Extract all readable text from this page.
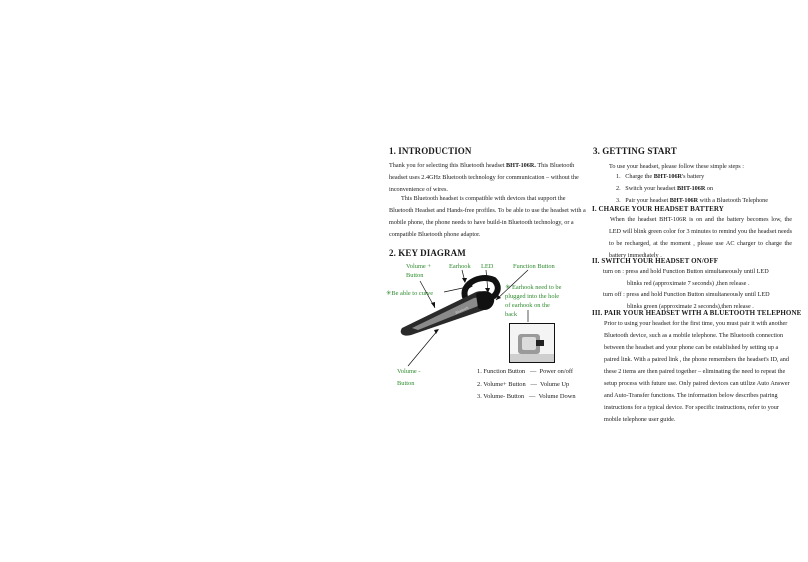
1. INTRODUCTION
Thank you for selecting this Bluetooth headset BHT-106R. This Bluetooth headset uses 2.4GHz Bluetooth technology for communication – without the inconvenience of wires.
This Bluetooth headset is compatible with devices that support the Bluetooth Headset and Hands-free profiles. To be able to use the headset with a mobile phone, the phone needs to have build-in Bluetooth technology, or a compatible Bluetooth phone adaptor.
2. KEY DIAGRAM
Volume +
Button
Earhook LED	Function Button
✳Be able to curve
✳ Earhook need to be
plugged into the hole
of earhook on the
back
Volume -
Button
Bluetooth
1. Function Button — Power on/off
2. Volume+ Button — Volume Up
3. Volume- Button — Volume Down
3. GETTING START
To use your headset, please follow these simple steps :
1. Charge the BHT-106R's battery
2. Switch your headset BHT-106R on
3. Pair your headset BHT-106R with a Bluetooth Telephone
I. CHARGE YOUR HEADSET BATTERY
When the headset BHT-106R is on and the battery becomes low, the LED will blink green color for 3 minutes to remind you the headset needs to be recharged, at the moment , please use AC charger to charge the battery immediately .
II. SWITCH YOUR HEADSET ON/OFF
turn on : press and hold Function Button simultaneously until LED
blinks red (approximate 7 seconds) ,then release .
turn off : press and hold Function Button simultaneously until LED
blinks green (approximate 2 seconds),then release .
III. PAIR YOUR HEADSET WITH A BLUETOOTH TELEPHONE
Prior to using your headset for the first time, you must pair it with another Bluetooth device, such as a mobile telephone. The Bluetooth connection between the headset and your phone can be established by setting up a paired link. With a paired link , the phone remembers the headset's ID, and these 2 items are then paired together – eliminating the need to repeat the setup process with future use. Only paired devices can utilize Auto Answer and Auto-Transfer functions. The information below describes pairing instructions for a typical device. For specific instructions, refer to your mobile telephone user guide.
